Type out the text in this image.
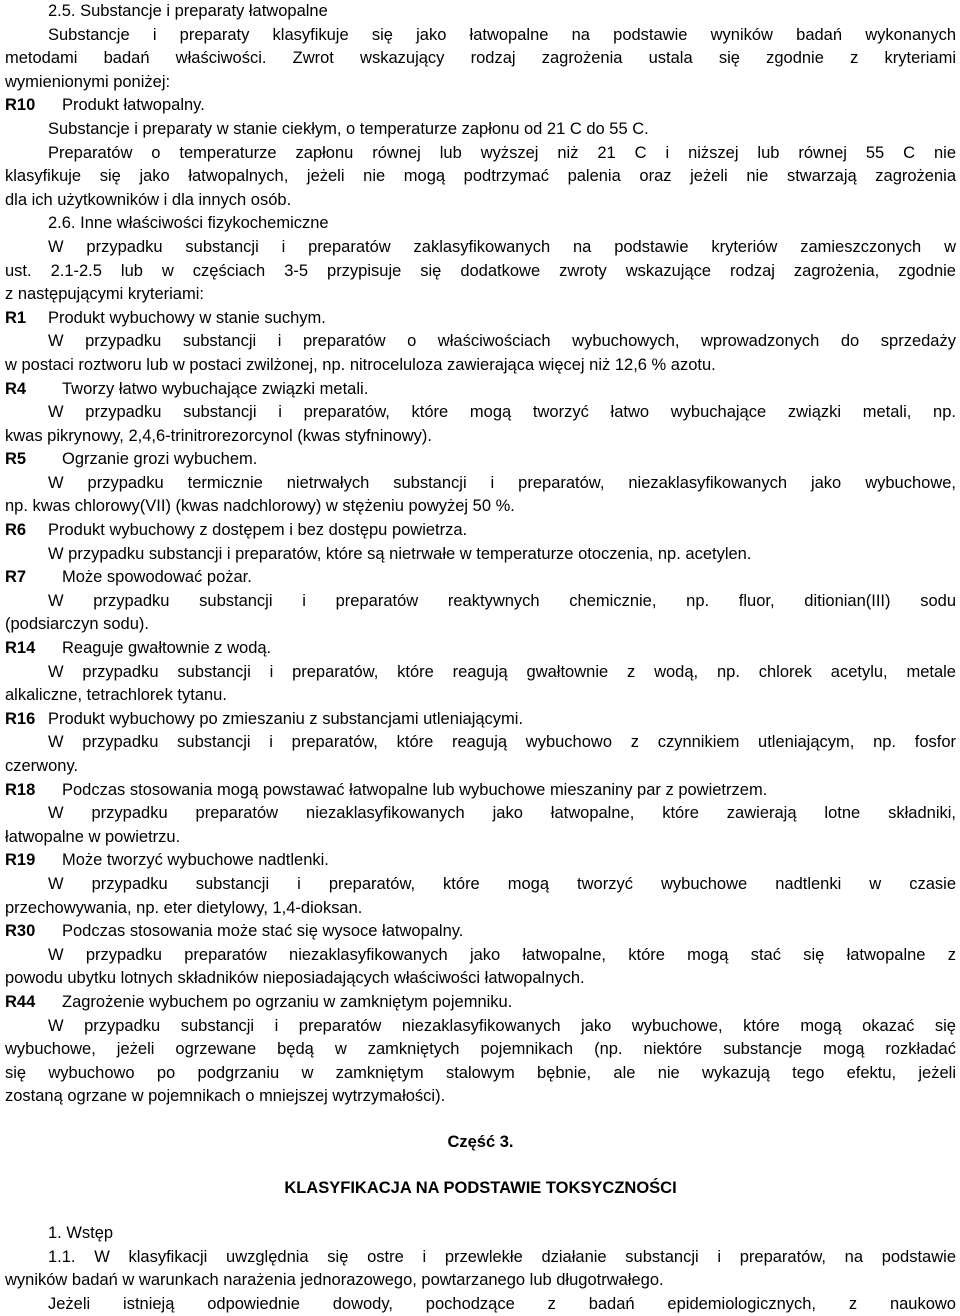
2.5. Substancje i preparaty łatwopalne
Substancje i preparaty klasyfikuje się jako łatwopalne na podstawie wyników badań wykonanych
metodami badań właściwości. Zwrot wskazujący rodzaj zagrożenia ustala się zgodnie z kryteriami
wymienionymi poniżej:
R10 Produkt łatwopalny.
Substancje i preparaty w stanie ciekłym, o temperaturze zapłonu od 21 C do 55 C.
Preparatów o temperaturze zapłonu równej lub wyższej niż 21 C i niższej lub równej 55 C nie
klasyfikuje się jako łatwopalnych, jeżeli nie mogą podtrzymać palenia oraz jeżeli nie stwarzają zagrożenia
dla ich użytkowników i dla innych osób.
2.6. Inne właściwości fizykochemiczne
W przypadku substancji i preparatów zaklasyfikowanych na podstawie kryteriów zamieszczonych w
ust. 2.1-2.5 lub w częściach 3-5 przypisuje się dodatkowe zwroty wskazujące rodzaj zagrożenia, zgodnie
z następującymi kryteriami:
R1 Produkt wybuchowy w stanie suchym.
W przypadku substancji i preparatów o właściwościach wybuchowych, wprowadzonych do sprzedaży
w postaci roztworu lub w postaci zwilżonej, np. nitroceluloza zawierająca więcej niż 12,6 % azotu.
R4 Tworzy łatwo wybuchające związki metali.
W przypadku substancji i preparatów, które mogą tworzyć łatwo wybuchające związki metali, np.
kwas pikrynowy, 2,4,6-trinitrorezorcynol (kwas styfninowy).
R5 Ogrzanie grozi wybuchem.
W przypadku termicznie nietrwałych substancji i preparatów, niezaklasyfikowanych jako wybuchowe,
np. kwas chlorowy(VII) (kwas nadchlorowy) w stężeniu powyżej 50 %.
R6 Produkt wybuchowy z dostępem i bez dostępu powietrza.
W przypadku substancji i preparatów, które są nietrwałe w temperaturze otoczenia, np. acetylen.
R7 Może spowodować pożar.
W przypadku substancji i preparatów reaktywnych chemicznie, np. fluor, ditionian(III) sodu
(podsiarczyn sodu).
R14 Reaguje gwałtownie z wodą.
W przypadku substancji i preparatów, które reagują gwałtownie z wodą, np. chlorek acetylu, metale
alkaliczne, tetrachlorek tytanu.
R16 Produkt wybuchowy po zmieszaniu z substancjami utleniającymi.
W przypadku substancji i preparatów, które reagują wybuchowo z czynnikiem utleniającym, np. fosfor
czerwony.
R18 Podczas stosowania mogą powstawać łatwopalne lub wybuchowe mieszaniny par z powietrzem.
W przypadku preparatów niezaklasyfikowanych jako łatwopalne, które zawierają lotne składniki,
łatwopalne w powietrzu.
R19 Może tworzyć wybuchowe nadtlenki.
W przypadku substancji i preparatów, które mogą tworzyć wybuchowe nadtlenki w czasie
przechowywania, np. eter dietylowy, 1,4-dioksan.
R30 Podczas stosowania może stać się wysoce łatwopalny.
W przypadku preparatów niezaklasyfikowanych jako łatwopalne, które mogą stać się łatwopalne z
powodu ubytku lotnych składników nieposiadających właściwości łatwopalnych.
R44 Zagrożenie wybuchem po ogrzaniu w zamkniętym pojemniku.
W przypadku substancji i preparatów niezaklasyfikowanych jako wybuchowe, które mogą okazać się
wybuchowe, jeżeli ogrzewane będą w zamkniętych pojemnikach (np. niektóre substancje mogą rozkładać
się wybuchowo po podgrzaniu w zamkniętym stalowym bębnie, ale nie wykazują tego efektu, jeżeli
zostaną ogrzane w pojemnikach o mniejszej wytrzymałości).
Część 3.
KLASYFIKACJA NA PODSTAWIE TOKSYCZNOŚCI
1. Wstęp
1.1. W klasyfikacji uwzględnia się ostre i przewlekłe działanie substancji i preparatów, na podstawie
wyników badań w warunkach narażenia jednorazowego, powtarzanego lub długotrwałego.
Jeżeli istnieją odpowiednie dowody, pochodzące z badań epidemiologicznych, z naukowo
